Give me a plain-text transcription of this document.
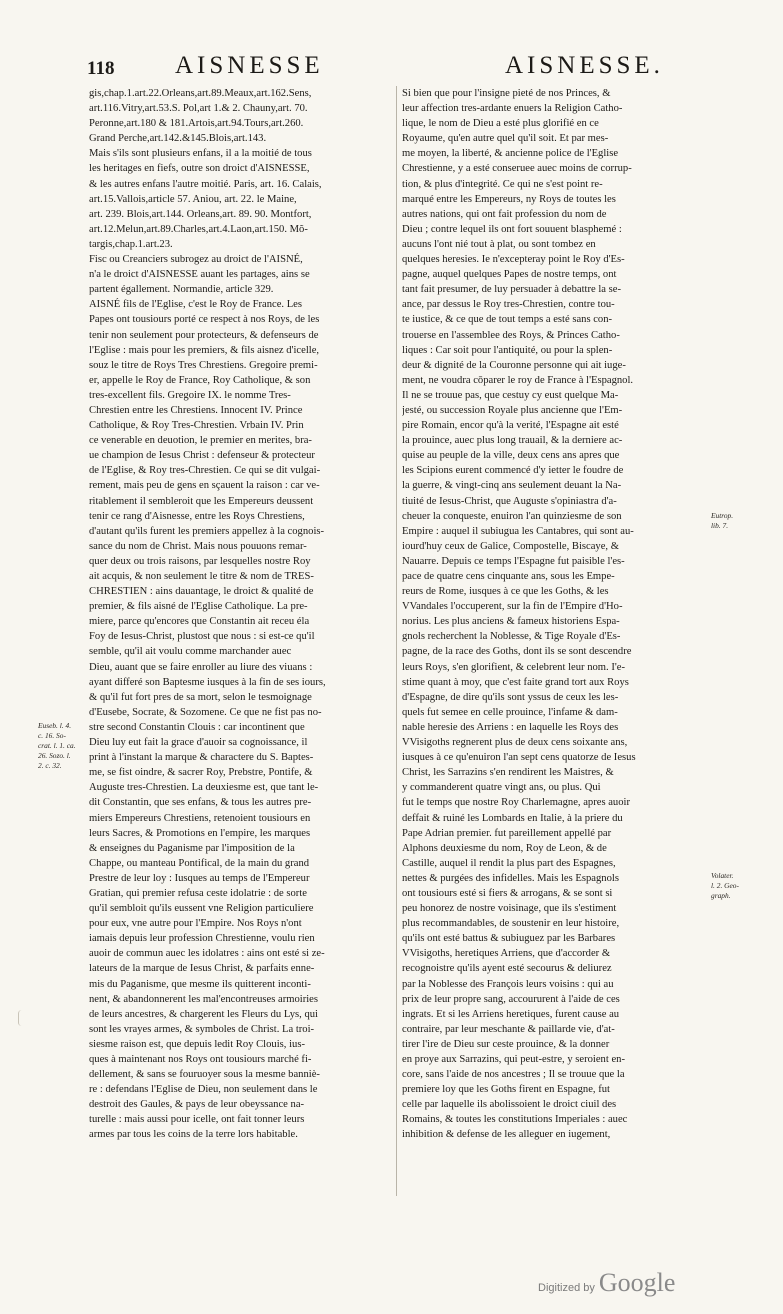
118 AISNESSE	AISNESSE.
gis,chap.1.art.22.Orleans,art.89.Meaux,art.162.Sens,
art.116.Vitry,art.53.S. Pol,art 1.& 2. Chauny,art. 70.
Peronne,art.180 & 181.Artois,art.94.Tours,art.260.
Grand Perche,art.142.&145.Blois,art.143.
Mais s'ils sont plusieurs enfans, il a la moitié de tous
les heritages en fiefs, outre son droict d'AISNESSE,
& les autres enfans l'autre moitié. Paris, art. 16. Calais,
art.15.Vallois,article 57. Aniou, art. 22. le Maine,
art. 239. Blois,art.144. Orleans,art. 89. 90. Montfort,
art.12.Melun,art.89.Charles,art.4.Laon,art.150. Mõ-
targis,chap.1.art.23.
Fisc ou Creanciers subrogez au droict de l'AISNÉ,
n'a le droict d'AISNESSE auant les partages, ains se
partent égallement. Normandie, article 329.
AISNÉ fils de l'Eglise, c'est le Roy de France. Les
Papes ont tousiours porté ce respect à nos Roys, de les
tenir non seulement pour protecteurs, & defenseurs de
l'Eglise : mais pour les premiers, & fils aisnez d'icelle,
souz le titre de Roys Tres Chrestiens. Gregoire premi-
er, appelle le Roy de France, Roy Catholique, & son
tres-excellent fils. Gregoire IX. le nomme Tres-
Chrestien entre les Chrestiens. Innocent IV. Prince
Catholique, & Roy Tres-Chrestien. Vrbain IV. Prin
ce venerable en deuotion, le premier en merites, bra-
ue champion de Iesus Christ : defenseur & protecteur
de l'Eglise, & Roy tres-Chrestien. Ce qui se dit vulgai-
rement, mais peu de gens en sçauent la raison : car ve-
ritablement il sembleroit que les Empereurs deussent
tenir ce rang d'Aisnesse, entre les Roys Chrestiens,
d'autant qu'ils furent les premiers appellez à la cognois-
sance du nom de Christ. Mais nous pouuons remar-
quer deux ou trois raisons, par lesquelles nostre Roy
ait acquis, & non seulement le titre & nom de TRES-
CHRESTIEN : ains dauantage, le droict & qualité de
premier, & fils aisné de l'Eglise Catholique. La pre-
miere, parce qu'encores que Constantin ait receu éla
Foy de Iesus-Christ, plustost que nous : si est-ce qu'il
semble, qu'il ait voulu comme marchander auec
Dieu, auant que se faire enroller au liure des viuans :
ayant differé son Baptesme iusques à la fin de ses iours,
& qu'il fut fort pres de sa mort, selon le tesmoignage
d'Eusebe, Socrate, & Sozomene. Ce que ne fist pas no-
stre second Constantin Clouis : car incontinent que
Dieu luy eut fait la grace d'auoir sa cognoissance, il
print à l'instant la marque & charactere du S. Baptes-
me, se fist oindre, & sacrer Roy, Prebstre, Pontife, &
Auguste tres-Chrestien. La deuxiesme est, que tant le-
dit Constantin, que ses enfans, & tous les autres pre-
miers Empereurs Chrestiens, retenoient tousiours en
leurs Sacres, & Promotions en l'empire, les marques
& enseignes du Paganisme par l'imposition de la
Chappe, ou manteau Pontifical, de la main du grand
Prestre de leur loy : Iusques au temps de l'Empereur
Gratian, qui premier refusa ceste idolatrie : de sorte
qu'il sembloit qu'ils eussent vne Religion particuliere
pour eux, vne autre pour l'Empire. Nos Roys n'ont
iamais depuis leur profession Chrestienne, voulu rien
auoir de commun auec les idolatres : ains ont esté si ze-
lateurs de la marque de Iesus Christ, & parfaits enne-
mis du Paganisme, que mesme ils quitterent inconti-
nent, & abandonnerent les mal'encontreuses armoiries
de leurs ancestres, & chargerent les Fleurs du Lys, qui
sont les vrayes armes, & symboles de Christ. La troi-
siesme raison est, que depuis ledit Roy Clouis, ius-
ques à maintenant nos Roys ont tousiours marché fi-
dellement, & sans se fouruoyer sous la mesme banniè-
re : defendans l'Eglise de Dieu, non seulement dans le
destroit des Gaules, & pays de leur obeyssance na-
turelle : mais aussi pour icelle, ont fait tonner leurs
armes par tous les coins de la terre lors habitable.
Si bien que pour l'insigne pieté de nos Princes, &
leur affection tres-ardante enuers la Religion Catho-
lique, le nom de Dieu a esté plus glorifié en ce
Royaume, qu'en autre quel qu'il soit. Et par mes-
me moyen, la liberté, & ancienne police de l'Eglise
Chrestienne, y a esté conseruee auec moins de corrup-
tion, & plus d'integrité. Ce qui ne s'est point re-
marqué entre les Empereurs, ny Roys de toutes les
autres nations, qui ont fait profession du nom de
Dieu ; contre lequel ils ont fort souuent blasphemé :
aucuns l'ont nié tout à plat, ou sont tombez en
quelques heresies. Ie n'excepteray point le Roy d'Es-
pagne, auquel quelques Papes de nostre temps, ont
tant fait presumer, de luy persuader à debattre la se-
ance, par dessus le Roy tres-Chrestien, contre tou-
te iustice, & ce que de tout temps a esté sans con-
trouerse en l'assemblee des Roys, & Princes Catho-
liques : Car soit pour l'antiquité, ou pour la splen-
deur & dignité de la Couronne personne qui ait iuge-
ment, ne voudra cōparer le roy de France à l'Espagnol.
Il ne se trouue pas, que cestuy cy eust quelque Ma-
jesté, ou succession Royale plus ancienne que l'Em-
pire Romain, encor qu'à la verité, l'Espagne ait esté
la prouince, auec plus long trauail, & la derniere ac-
quise au peuple de la ville, deux cens ans apres que
les Scipions eurent commencé d'y ietter le foudre de
la guerre, & vingt-cinq ans seulement deuant la Na-
tiuité de Iesus-Christ, que Auguste s'opiniastra d'a-
cheuer la conqueste, enuiron l'an quinziesme de son
Empire : auquel il subiugua les Cantabres, qui sont au-
iourd'huy ceux de Galice, Compostelle, Biscaye, &
Nauarre. Depuis ce temps l'Espagne fut paisible l'es-
pace de quatre cens cinquante ans, sous les Empe-
reurs de Rome, iusques à ce que les Goths, & les
VVandales l'occuperent, sur la fin de l'Empire d'Ho-
norius. Les plus anciens & fameux historiens Espa-
gnols recherchent la Noblesse, & Tige Royale d'Es-
pagne, de la race des Goths, dont ils se sont descendre
leurs Roys, s'en glorifient, & celebrent leur nom. I'e-
stime quant à moy, que c'est faite grand tort aux Roys
d'Espagne, de dire qu'ils sont yssus de ceux les les-
quels fut semee en celle prouince, l'infame & dam-
nable heresie des Arriens : en laquelle les Roys des
VVisigoths regnerent plus de deux cens soixante ans,
iusques à ce qu'enuiron l'an sept cens quatorze de Iesus
Christ, les Sarrazins s'en rendirent les Maistres, &
y commanderent quatre vingt ans, ou plus. Qui
fut le temps que nostre Roy Charlemagne, apres auoir
deffait & ruiné les Lombards en Italie, à la priere du
Pape Adrian premier. fut pareillement appellé par
Alphons deuxiesme du nom, Roy de Leon, & de
Castille, auquel il rendit la plus part des Espagnes,
nettes & purgées des infidelles. Mais les Espagnols
ont tousiours esté si fiers & arrogans, & se sont si
peu honorez de nostre voisinage, que ils s'estiment
plus recommandables, de soustenir en leur histoire,
qu'ils ont esté battus & subiuguez par les Barbares
VVisigoths, heretiques Arriens, que d'accorder &
recognoistre qu'ils ayent esté secourus & deliurez
par la Noblesse des François leurs voisins : qui au
prix de leur propre sang, accoururent à l'aide de ces
ingrats. Et si les Arriens heretiques, furent cause au
contraire, par leur meschante & paillarde vie, d'at-
tirer l'ire de Dieu sur ceste prouince, & la donner
en proye aux Sarrazins, qui peut-estre, y seroient en-
core, sans l'aide de nos ancestres ; Il se trouue que la
premiere loy que les Goths firent en Espagne, fut
celle par laquelle ils abolissoient le droict ciuil des
Romains, & toutes les constitutions Imperiales : auec
inhibition & defense de les alleguer en iugement,
Euseb. l. 4.
c. 16. So-
crat. l. 1. ca.
26. Sozo. l.
2. c. 32.
Eutrop.
lib. 7.
Volater.
l. 2. Geo-
graph.
Digitized by Google
